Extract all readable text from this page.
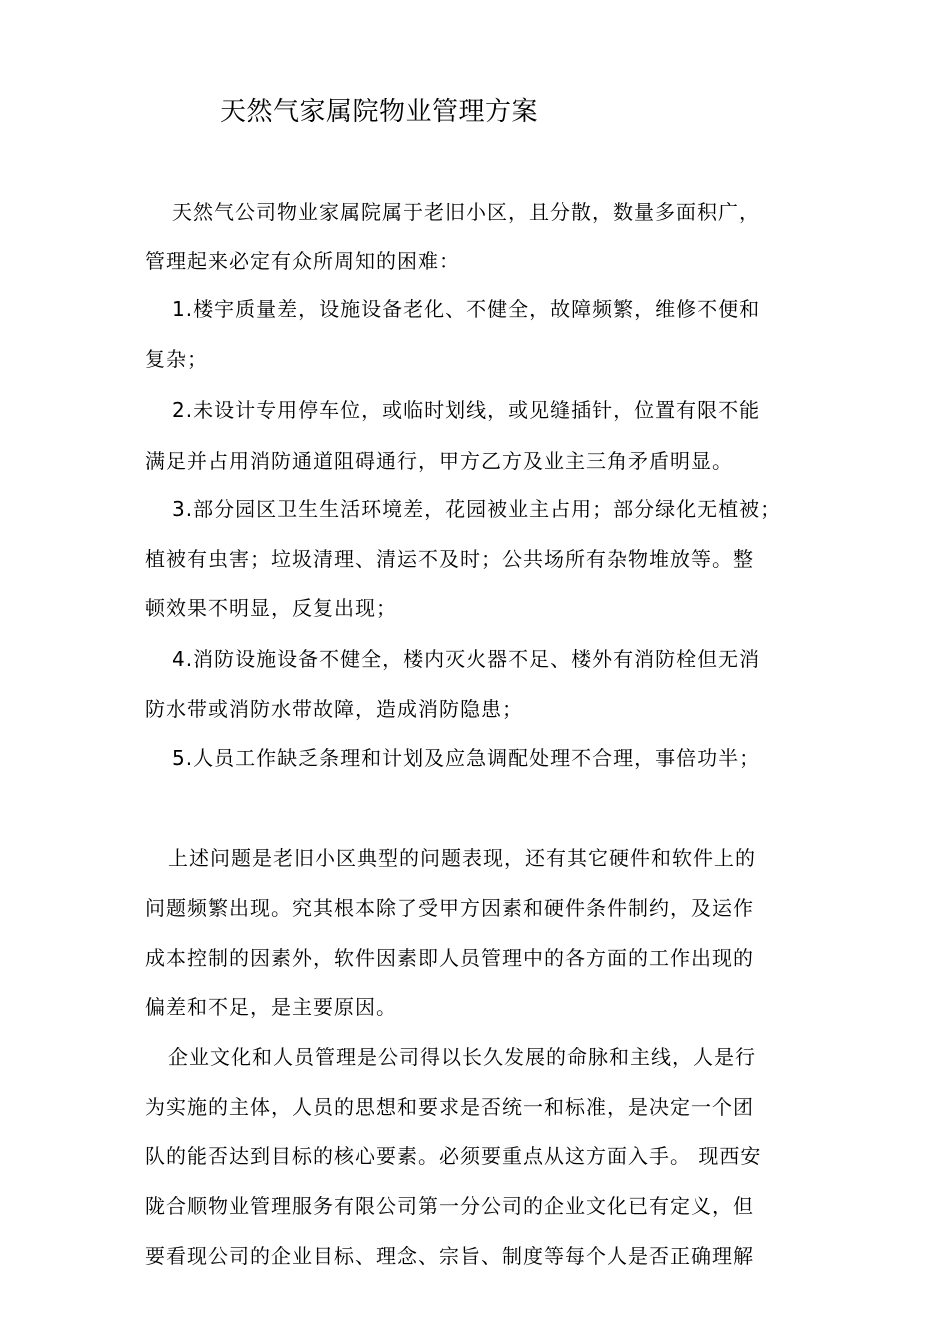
天然气家属院物业管理方案
天然气公司物业家属院属于老旧小区，且分散，数量多面积广，
管理起来必定有众所周知的困难：
1.楼宇质量差，设施设备老化、不健全，故障频繁，维修不便和
复杂；
2.未设计专用停车位，或临时划线，或见缝插针，位置有限不能
满足并占用消防通道阻碍通行，甲方乙方及业主三角矛盾明显。
3.部分园区卫生生活环境差，花园被业主占用；部分绿化无植被；
植被有虫害；垃圾清理、清运不及时；公共场所有杂物堆放等。整
顿效果不明显，反复出现；
4.消防设施设备不健全，楼内灭火器不足、楼外有消防栓但无消
防水带或消防水带故障，造成消防隐患；
5.人员工作缺乏条理和计划及应急调配处理不合理，事倍功半；
上述问题是老旧小区典型的问题表现，还有其它硬件和软件上的
问题频繁出现。究其根本除了受甲方因素和硬件条件制约，及运作
成本控制的因素外，软件因素即人员管理中的各方面的工作出现的
偏差和不足，是主要原因。
企业文化和人员管理是公司得以长久发展的命脉和主线，人是行
为实施的主体，人员的思想和要求是否统一和标准，是决定一个团
队的能否达到目标的核心要素。必须要重点从这方面入手。 现西安
陇合顺物业管理服务有限公司第一分公司的企业文化已有定义，但
要看现公司的企业目标、理念、宗旨、制度等每个人是否正确理解
